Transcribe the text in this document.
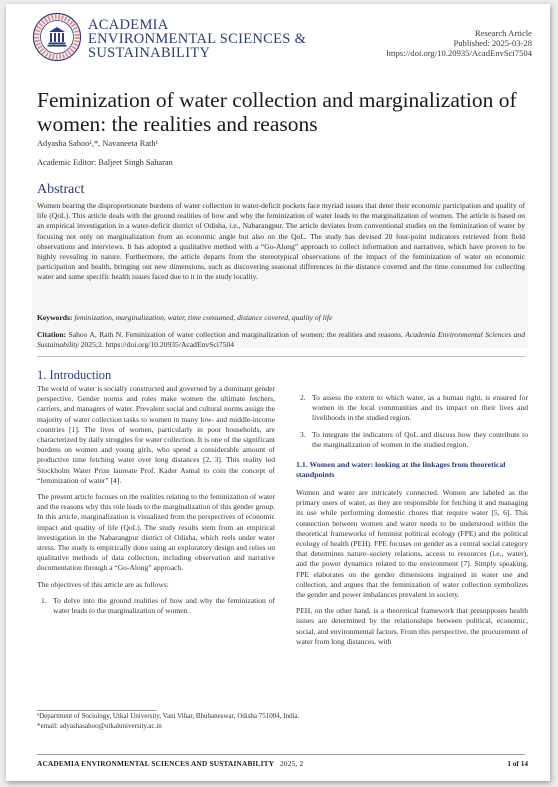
ACADEMIA
ENVIRONMENTAL SCIENCES &
SUSTAINABILITY
Research Article
Published: 2025-03-28
https://doi.org/10.20935/AcadEnvSci7504
Feminization of water collection and marginalization of women: the realities and reasons
Adyasha Sahoo¹,*, Navaneeta Rath¹
Academic Editor: Baljeet Singh Saharan
Abstract
Women bearing the disproportionate burdens of water collection in water-deficit pockets face myriad issues that deter their economic participation and quality of life (QoL). This article deals with the ground realities of how and why the feminization of water leads to the marginalization of women. The article is based on an empirical investigation in a water-deficit district of Odisha, i.e., Nabarangpur. The article deviates from conventional studies on the feminization of water by focusing not only on marginalization from an economic angle but also on the QoL. The study has devised 20 four-point indicators retrieved from field observations and interviews. It has adopted a qualitative method with a “Go-Along” approach to collect information and narratives, which have proven to be highly revealing in nature. Furthermore, the article departs from the stereotypical observations of the impact of the feminization of water on economic participation and health, bringing out new dimensions, such as discovering seasonal differences in the distance covered and the time consumed for collecting water and some specific health issues faced due to it in the study locality.
Keywords: feminization, marginalization, water, time consumed, distance covered, quality of life
Citation: Sahoo A, Rath N. Feminization of water collection and marginalization of women: the realities and reasons. Academia Environmental Sciences and Sustainability 2025;2. https://doi.org/10.20935/AcadEnvSci7504
1. Introduction

The world of water is socially constructed and governed by a dominant gender perspective. Gender norms and roles make women the ultimate fetchers, carriers, and managers of water. Prevalent social and cultural norms assign the majority of water collection tasks to women in many low- and middle-income countries [1]. The lives of women, particularly in poor households, are characterized by daily struggles for water collection. It is one of the significant burdens on women and young girls, who spend a considerable amount of productive time fetching water over long distances [2, 3]. This reality led Stockholm Water Prize laureate Prof. Kader Asmal to coin the concept of “feminization of water” [4].

The present article focuses on the realities relating to the feminization of water and the reasons why this role leads to the marginalization of this gender group. In this article, marginalization is visualized from the perspectives of economic impact and quality of life (QoL). The study results stem from an empirical investigation in the Nabarangpur district of Odisha, which reels under water stress. The study is empirically done using an exploratory design and relies on qualitative methods of data collection, including observation and narrative documentation through a “Go-Along” approach.

The objectives of this article are as follows:

1. To delve into the ground realities of how and why the feminization of water leads to the marginalization of women.
2. To assess the extent to which water, as a human right, is ensured for women in the local communities and its impact on their lives and livelihoods in the studied region.
3. To integrate the indicators of QoL and discuss how they contribute to the marginalization of women in the studied region.
1.1. Women and water: looking at the linkages from theoretical standpoints

Women and water are intricately connected. Women are labeled as the primary users of water, as they are responsible for fetching it and managing its use while performing domestic chores that require water [5, 6]. This connection between women and water needs to be understood within the theoretical frameworks of feminist political ecology (FPE) and the political ecology of health (PEH). FPE focuses on gender as a central social category that determines nature–society relations, access to resources (i.e., water), and the power dynamics related to the environment [7]. Simply speaking, FPE elaborates on the gender dimensions ingrained in water use and collection, and argues that the feminization of water collection symbolizes the gender and power imbalances prevalent in society.

PEH, on the other hand, is a theoretical framework that presupposes health issues are determined by the relationships between political, economic, social, and environmental factors. From this perspective, the procurement of water from long distances, with

¹Department of Sociology, Utkal University, Vani Vihar, Bhubaneswar, Odisha 751004, India.
*email: adyashasahoo@utkaluniversity.ac.in
ACADEMIA ENVIRONMENTAL SCIENCES AND SUSTAINABILITY 2025, 2	1 of 14
